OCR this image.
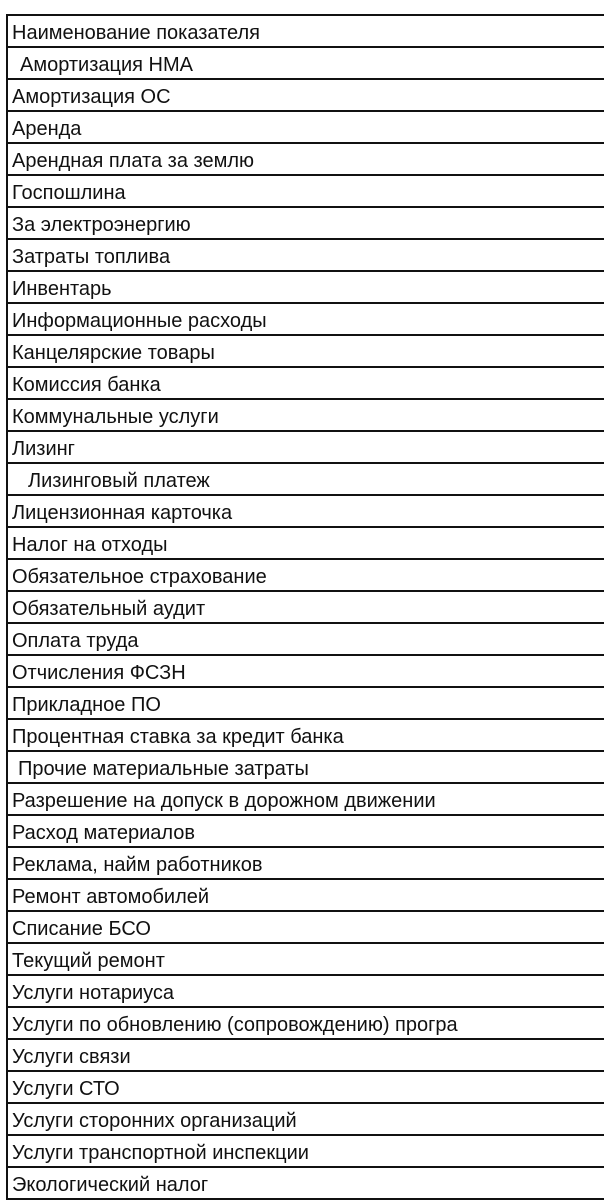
Наименование показателя
Амортизация НМА
Амортизация ОС
Аренда
Арендная плата за землю
Госпошлина
За электроэнергию
Затраты топлива
Инвентарь
Информационные расходы
Канцелярские товары
Комиссия банка
Коммунальные услуги
Лизинг
Лизинговый платеж
Лицензионная карточка
Налог на отходы
Обязательное страхование
Обязательный аудит
Оплата труда
Отчисления ФСЗН
Прикладное ПО
Процентная ставка за кредит банка
Прочие материальные затраты
Разрешение на допуск в дорожном движении
Расход материалов
Реклама, найм работников
Ремонт автомобилей
Списание БСО
Текущий ремонт
Услуги нотариуса
Услуги по обновлению (сопровождению) програ
Услуги связи
Услуги СТО
Услуги сторонних организаций
Услуги транспортной инспекции
Экологический налог
